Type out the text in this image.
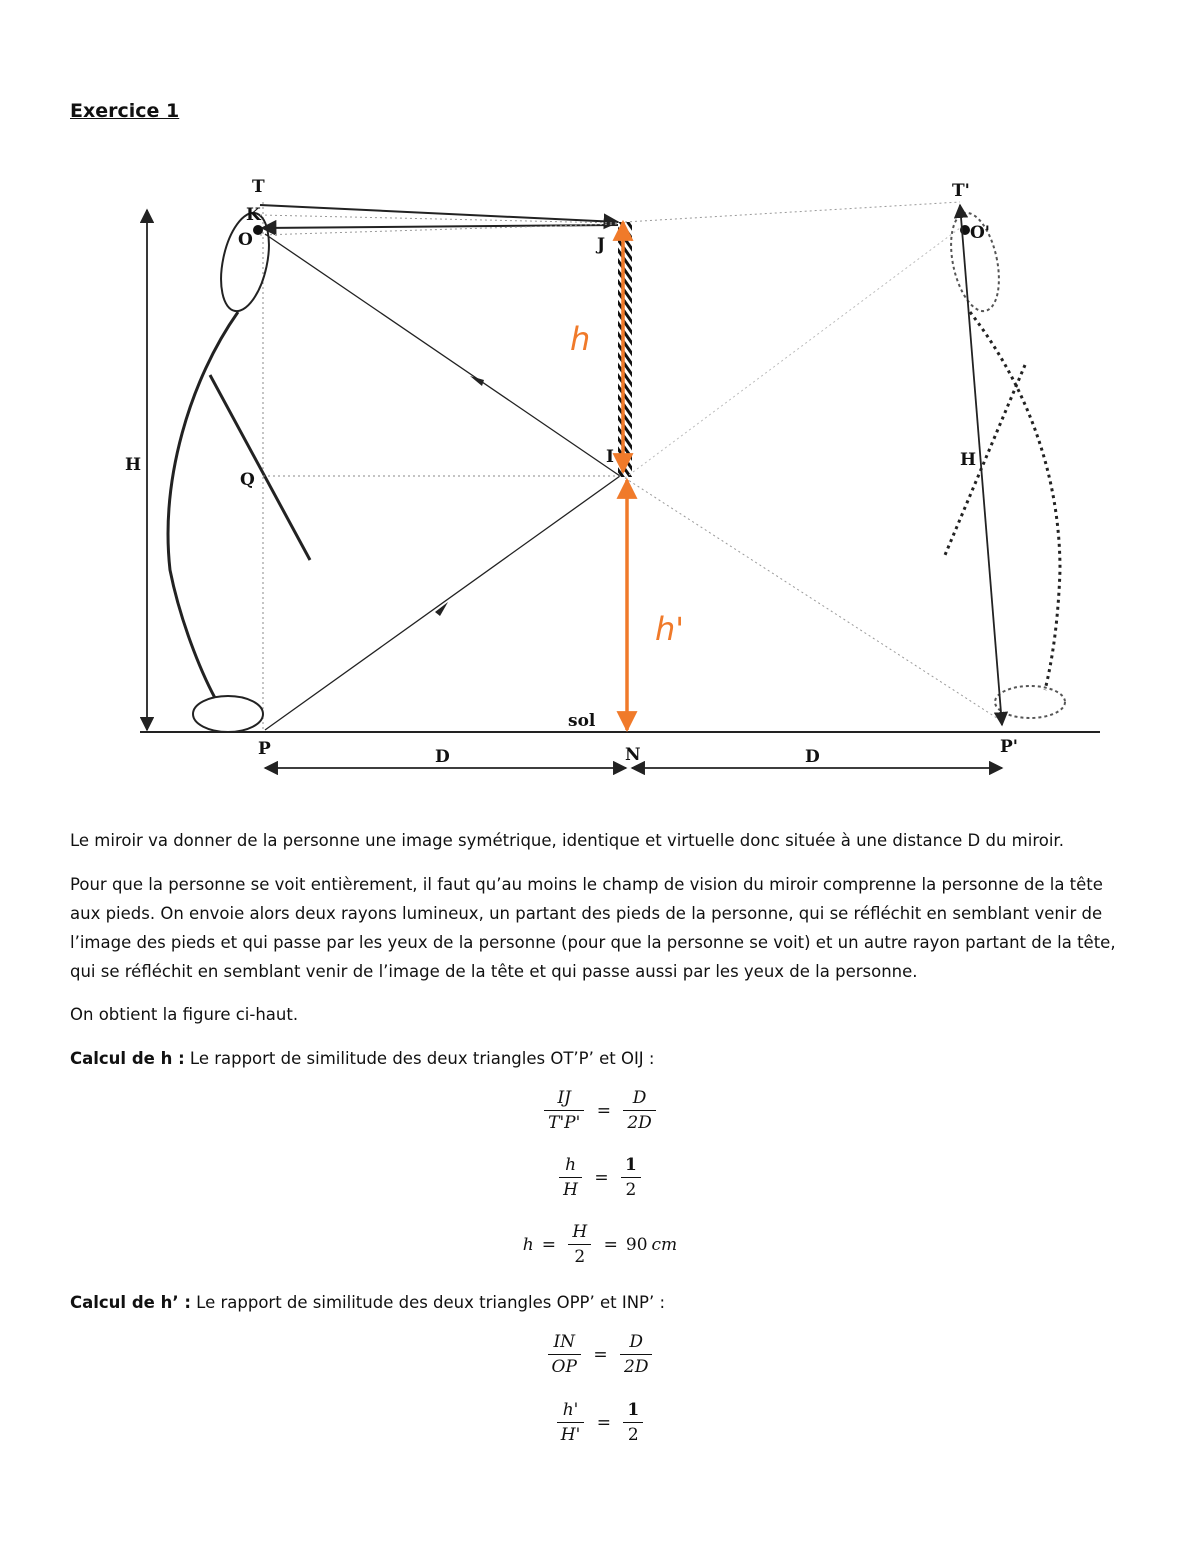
Exercice 1
T
K
O	J
H
Q
I
P	N
sol
D	D
T'
O'
H
P'
h
h'
Le miroir va donner de la personne une image symétrique, identique et virtuelle donc située à une distance D du miroir.
Pour que la personne se voit entièrement, il faut qu’au moins le champ de vision du miroir comprenne la personne de la tête aux pieds. On envoie alors deux rayons lumineux, un partant des pieds de la personne, qui se réfléchit en semblant venir de l’image des pieds et qui passe par les yeux de la personne (pour que la personne se voit) et un autre rayon partant de la tête, qui se réfléchit en semblant venir de l’image de la tête et qui passe aussi par les yeux de la personne.
On obtient la figure ci-haut.
Calcul de h : Le rapport de similitude des deux triangles OT’P’ et OIJ :
$\frac{IJ}{T'P'} = \frac{D}{2D}$
$\frac{h}{H} = \frac{1}{2}$
$h = \frac{H}{2} = 90$ cm
Calcul de h’ : Le rapport de similitude des deux triangles OPP’ et INP’ :
$\frac{IN}{OP} = \frac{D}{2D}$
$\frac{h'}{H'} = \frac{1}{2}$
